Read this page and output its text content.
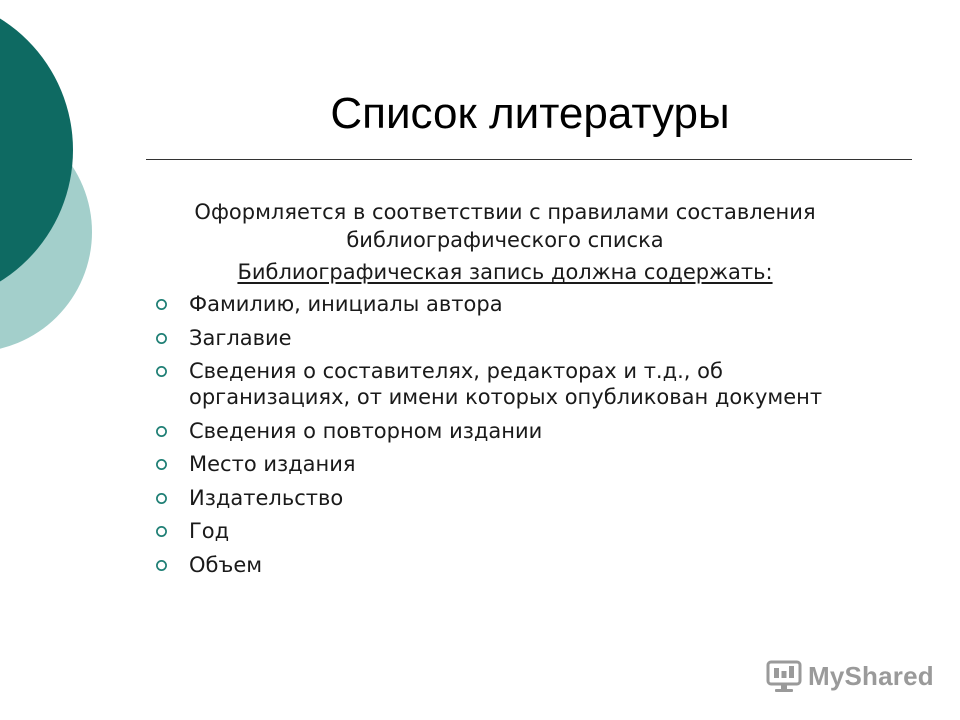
Список литературы
Оформляется в соответствии с правилами составления библиографического списка
Библиографическая запись должна содержать:
Фамилию, инициалы автора
Заглавие
Сведения о составителях, редакторах и т.д., об организациях, от имени которых опубликован документ
Сведения о повторном издании
Место издания
Издательство
Год
Объем
MyShared
